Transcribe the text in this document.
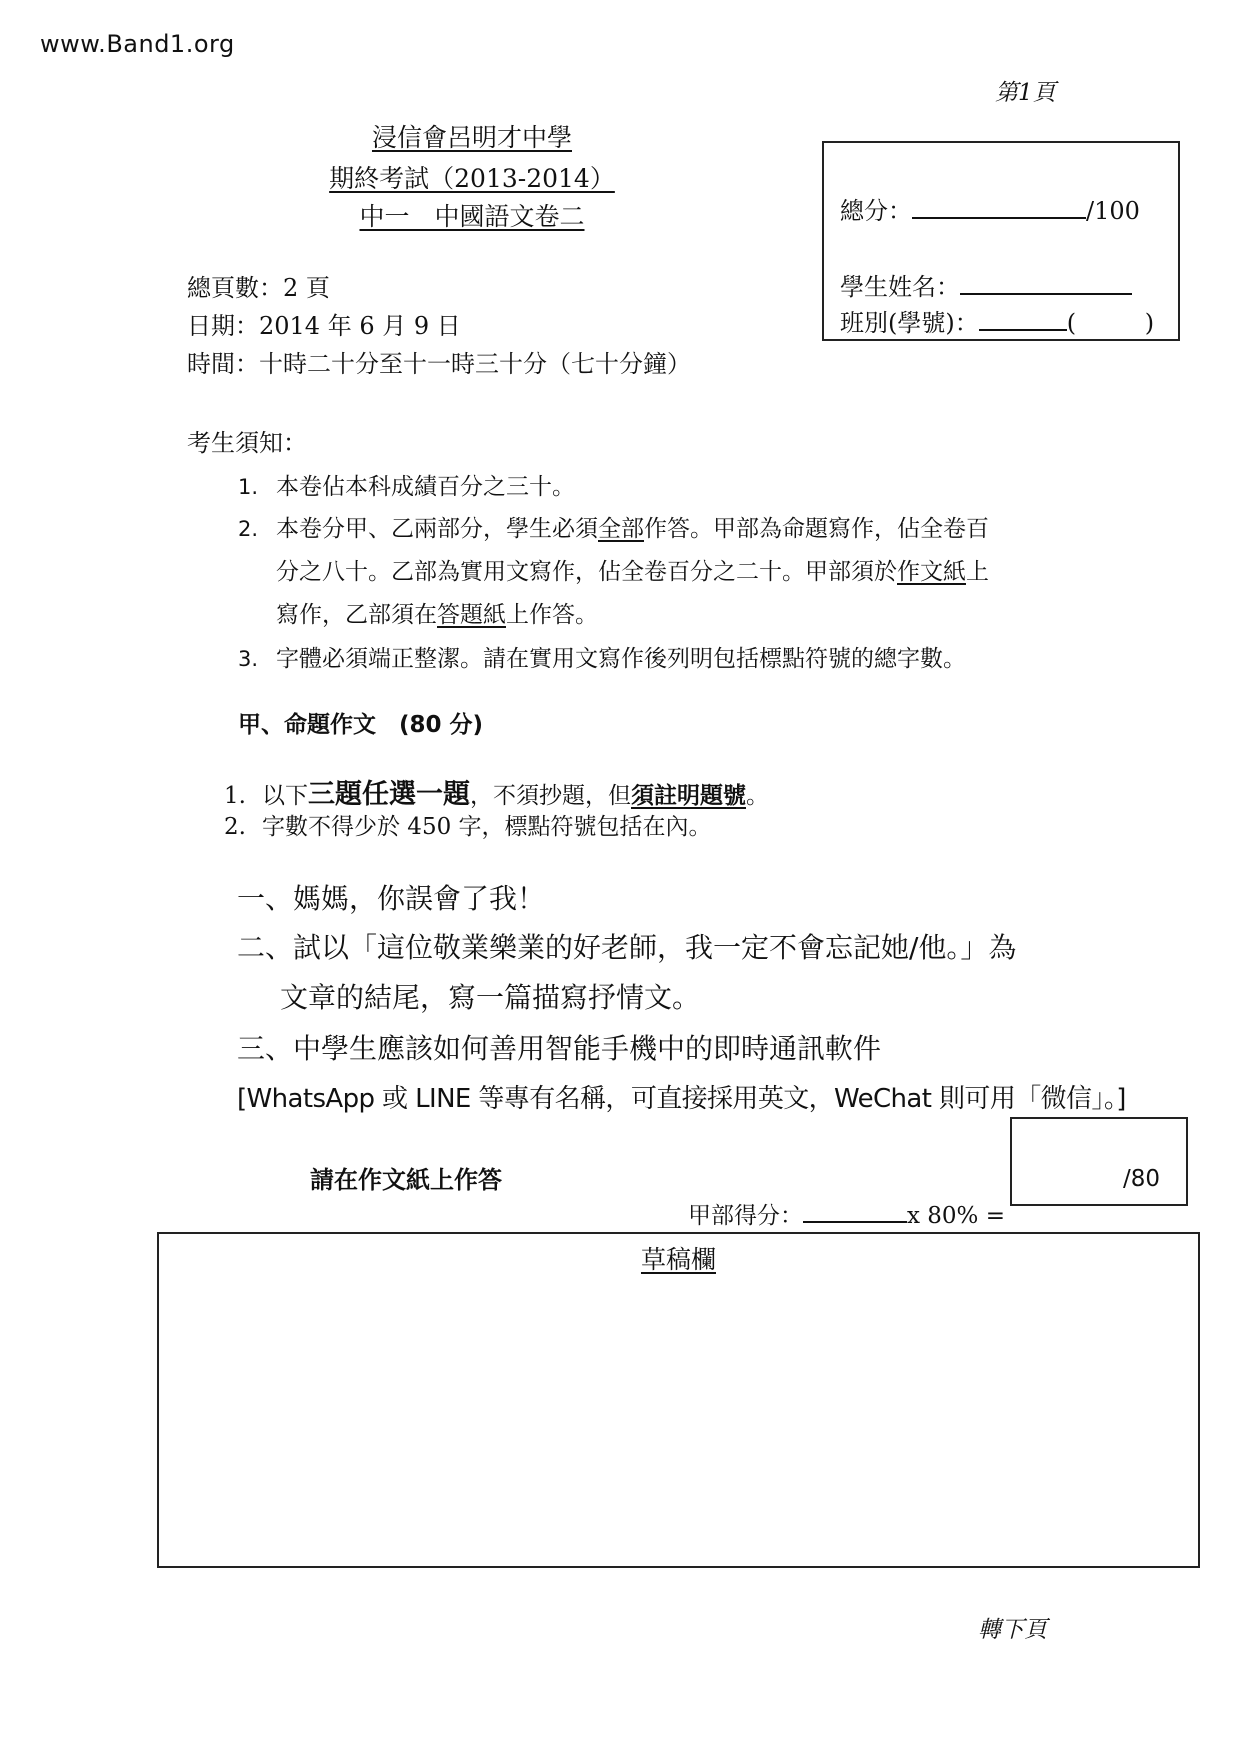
www.Band1.org
第1頁
浸信會呂明才中學
期終考試（2013-2014）
中一　中國語文卷二	總分：	/100
學生姓名：
班別(學號)：	(         )
總頁數：2 頁
日期：2014 年 6 月 9 日
時間：十時二十分至十一時三十分（七十分鐘）
考生須知：
1. 本卷佔本科成績百分之三十。
2. 本卷分甲、乙兩部分，學生必須全部作答。甲部為命題寫作，佔全卷百
分之八十。乙部為實用文寫作，佔全卷百分之二十。甲部須於作文紙上
寫作，乙部須在答題紙上作答。
3. 字體必須端正整潔。請在實用文寫作後列明包括標點符號的總字數。
甲、命題作文　(80 分)
1. 以下三題任選一題，不須抄題，但須註明題號。
2. 字數不得少於 450 字，標點符號包括在內。
一、媽媽，你誤會了我！
二、試以「這位敬業樂業的好老師，我一定不會忘記她/他。」為
文章的結尾，寫一篇描寫抒情文。
三、中學生應該如何善用智能手機中的即時通訊軟件
[WhatsApp 或 LINE 等專有名稱，可直接採用英文，WeChat 則可用「微信」。]
請在作文紙上作答	/80
甲部得分：	x 80% =
草稿欄
轉下頁
